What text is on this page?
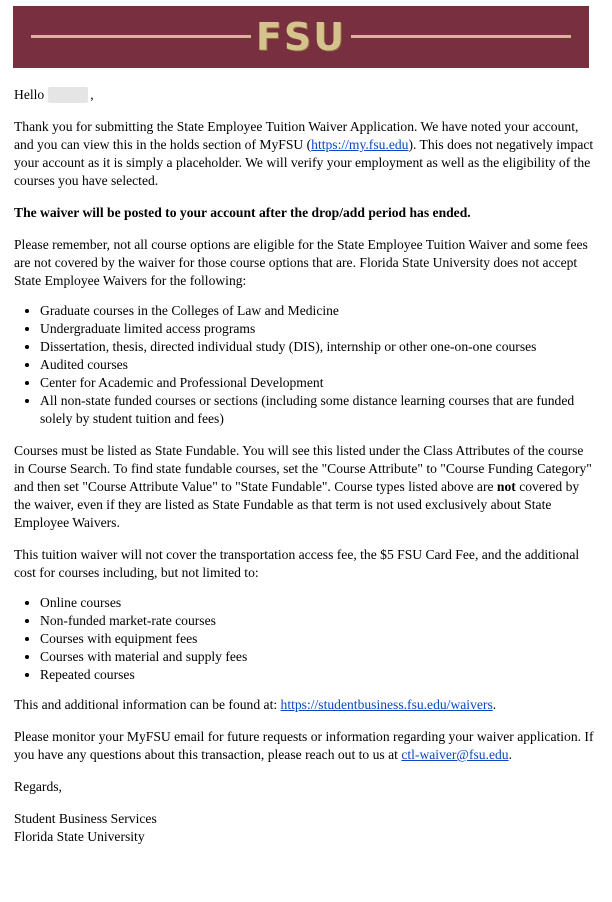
FSU

Hello	,

Thank you for submitting the State Employee Tuition Waiver Application. We have noted your account, and you can view this in the holds section of MyFSU (https://my.fsu.edu). This does not negatively impact your account as it is simply a placeholder. We will verify your employment as well as the eligibility of the courses you have selected.

The waiver will be posted to your account after the drop/add period has ended.

Please remember, not all course options are eligible for the State Employee Tuition Waiver and some fees are not covered by the waiver for those course options that are. Florida State University does not accept State Employee Waivers for the following:

• Graduate courses in the Colleges of Law and Medicine
• Undergraduate limited access programs
• Dissertation, thesis, directed individual study (DIS), internship or other one-on-one courses
• Audited courses
• Center for Academic and Professional Development
• All non-state funded courses or sections (including some distance learning courses that are funded solely by student tuition and fees)

Courses must be listed as State Fundable. You will see this listed under the Class Attributes of the course in Course Search. To find state fundable courses, set the "Course Attribute" to "Course Funding Category" and then set "Course Attribute Value" to "State Fundable". Course types listed above are not covered by the waiver, even if they are listed as State Fundable as that term is not used exclusively about State Employee Waivers.

This tuition waiver will not cover the transportation access fee, the $5 FSU Card Fee, and the additional cost for courses including, but not limited to:

• Online courses
• Non-funded market-rate courses
• Courses with equipment fees
• Courses with material and supply fees
• Repeated courses

This and additional information can be found at: https://studentbusiness.fsu.edu/waivers.

Please monitor your MyFSU email for future requests or information regarding your waiver application. If you have any questions about this transaction, please reach out to us at ctl-waiver@fsu.edu.

Regards,

Student Business Services

Florida State University
